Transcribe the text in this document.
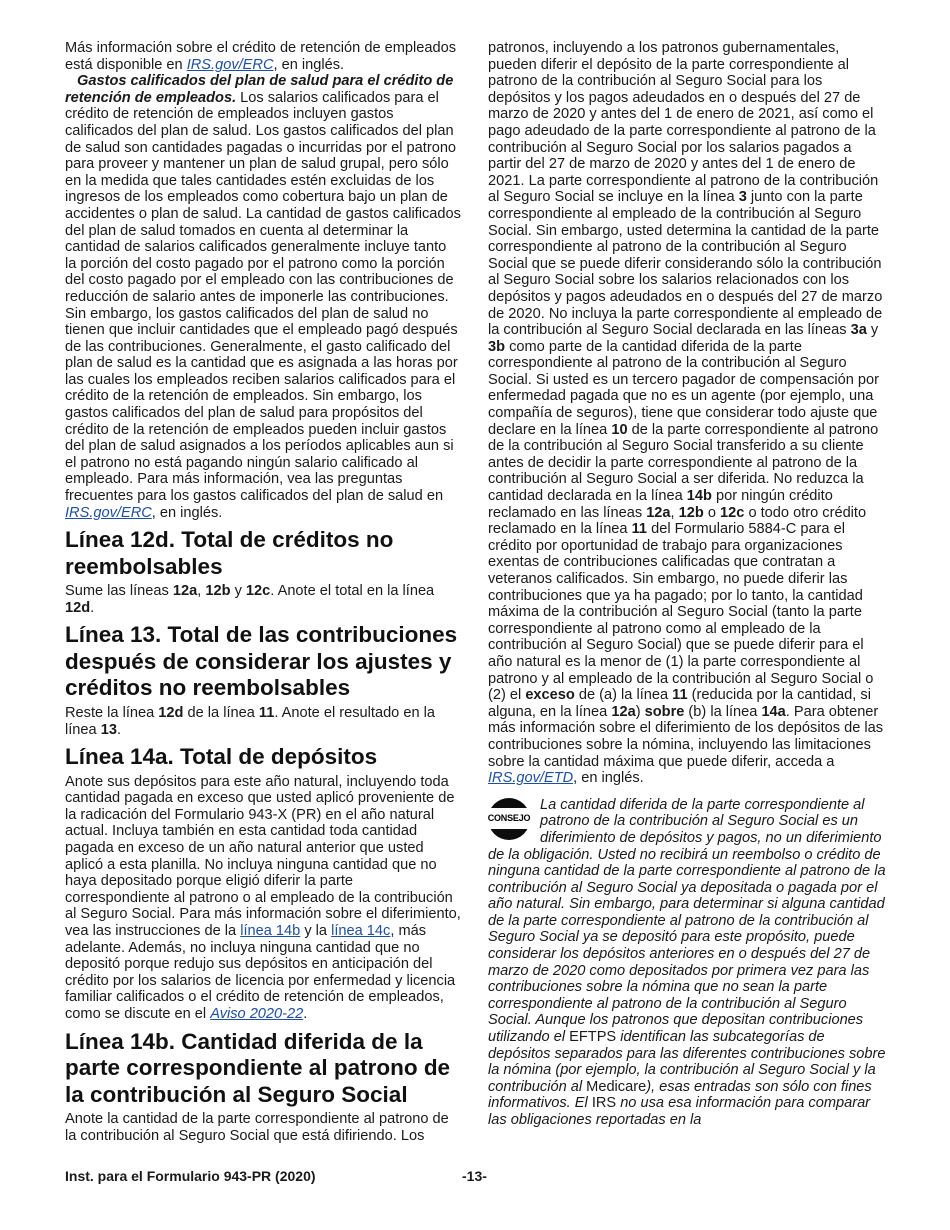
Más información sobre el crédito de retención de empleados está disponible en IRS.gov/ERC, en inglés.

Gastos calificados del plan de salud para el crédito de retención de empleados. Los salarios calificados para el crédito de retención de empleados incluyen gastos calificados del plan de salud. Los gastos calificados del plan de salud son cantidades pagadas o incurridas por el patrono para proveer y mantener un plan de salud grupal, pero sólo en la medida que tales cantidades estén excluidas de los ingresos de los empleados como cobertura bajo un plan de accidentes o plan de salud. La cantidad de gastos calificados del plan de salud tomados en cuenta al determinar la cantidad de salarios calificados generalmente incluye tanto la porción del costo pagado por el patrono como la porción del costo pagado por el empleado con las contribuciones de reducción de salario antes de imponerle las contribuciones. Sin embargo, los gastos calificados del plan de salud no tienen que incluir cantidades que el empleado pagó después de las contribuciones. Generalmente, el gasto calificado del plan de salud es la cantidad que es asignada a las horas por las cuales los empleados reciben salarios calificados para el crédito de la retención de empleados. Sin embargo, los gastos calificados del plan de salud para propósitos del crédito de la retención de empleados pueden incluir gastos del plan de salud asignados a los períodos aplicables aun si el patrono no está pagando ningún salario calificado al empleado. Para más información, vea las preguntas frecuentes para los gastos calificados del plan de salud en IRS.gov/ERC, en inglés.

Línea 12d. Total de créditos no reembolsables

Sume las líneas 12a, 12b y 12c. Anote el total en la línea 12d.

Línea 13. Total de las contribuciones después de considerar los ajustes y créditos no reembolsables

Reste la línea 12d de la línea 11. Anote el resultado en la línea 13.

Línea 14a. Total de depósitos

Anote sus depósitos para este año natural, incluyendo toda cantidad pagada en exceso que usted aplicó proveniente de la radicación del Formulario 943-X (PR) en el año natural actual. Incluya también en esta cantidad toda cantidad pagada en exceso de un año natural anterior que usted aplicó a esta planilla. No incluya ninguna cantidad que no haya depositado porque eligió diferir la parte correspondiente al patrono o al empleado de la contribución al Seguro Social. Para más información sobre el diferimiento, vea las instrucciones de la línea 14b y la línea 14c, más adelante. Además, no incluya ninguna cantidad que no depositó porque redujo sus depósitos en anticipación del crédito por los salarios de licencia por enfermedad y licencia familiar calificados o el crédito de retención de empleados, como se discute en el Aviso 2020-22.

Línea 14b. Cantidad diferida de la parte correspondiente al patrono de la contribución al Seguro Social

Anote la cantidad de la parte correspondiente al patrono de la contribución al Seguro Social que está difiriendo. Los

patronos, incluyendo a los patronos gubernamentales, pueden diferir el depósito de la parte correspondiente al patrono de la contribución al Seguro Social para los depósitos y los pagos adeudados en o después del 27 de marzo de 2020 y antes del 1 de enero de 2021, así como el pago adeudado de la parte correspondiente al patrono de la contribución al Seguro Social por los salarios pagados a partir del 27 de marzo de 2020 y antes del 1 de enero de 2021. La parte correspondiente al patrono de la contribución al Seguro Social se incluye en la línea 3 junto con la parte correspondiente al empleado de la contribución al Seguro Social. Sin embargo, usted determina la cantidad de la parte correspondiente al patrono de la contribución al Seguro Social que se puede diferir considerando sólo la contribución al Seguro Social sobre los salarios relacionados con los depósitos y pagos adeudados en o después del 27 de marzo de 2020. No incluya la parte correspondiente al empleado de la contribución al Seguro Social declarada en las líneas 3a y 3b como parte de la cantidad diferida de la parte correspondiente al patrono de la contribución al Seguro Social. Si usted es un tercero pagador de compensación por enfermedad pagada que no es un agente (por ejemplo, una compañía de seguros), tiene que considerar todo ajuste que declare en la línea 10 de la parte correspondiente al patrono de la contribución al Seguro Social transferido a su cliente antes de decidir la parte correspondiente al patrono de la contribución al Seguro Social a ser diferida. No reduzca la cantidad declarada en la línea 14b por ningún crédito reclamado en las líneas 12a, 12b o 12c o todo otro crédito reclamado en la línea 11 del Formulario 5884-C para el crédito por oportunidad de trabajo para organizaciones exentas de contribuciones calificadas que contratan a veteranos calificados. Sin embargo, no puede diferir las contribuciones que ya ha pagado; por lo tanto, la cantidad máxima de la contribución al Seguro Social (tanto la parte correspondiente al patrono como al empleado de la contribución al Seguro Social) que se puede diferir para el año natural es la menor de (1) la parte correspondiente al patrono y al empleado de la contribución al Seguro Social o (2) el exceso de (a) la línea 11 (reducida por la cantidad, si alguna, en la línea 12a) sobre (b) la línea 14a. Para obtener más información sobre el diferimiento de los depósitos de las contribuciones sobre la nómina, incluyendo las limitaciones sobre la cantidad máxima que puede diferir, acceda a IRS.gov/ETD, en inglés.

CONSEJO
La cantidad diferida de la parte correspondiente al patrono de la contribución al Seguro Social es un diferimiento de depósitos y pagos, no un diferimiento de la obligación. Usted no recibirá un reembolso o crédito de ninguna cantidad de la parte correspondiente al patrono de la contribución al Seguro Social ya depositada o pagada por el año natural. Sin embargo, para determinar si alguna cantidad de la parte correspondiente al patrono de la contribución al Seguro Social ya se depositó para este propósito, puede considerar los depósitos anteriores en o después del 27 de marzo de 2020 como depositados por primera vez para las contribuciones sobre la nómina que no sean la parte correspondiente al patrono de la contribución al Seguro Social. Aunque los patronos que depositan contribuciones utilizando el EFTPS identifican las subcategorías de depósitos separados para las diferentes contribuciones sobre la nómina (por ejemplo, la contribución al Seguro Social y la contribución al Medicare), esas entradas son sólo con fines informativos. El IRS no usa esa información para comparar las obligaciones reportadas en la
Inst. para el Formulario 943-PR (2020)	-13-
